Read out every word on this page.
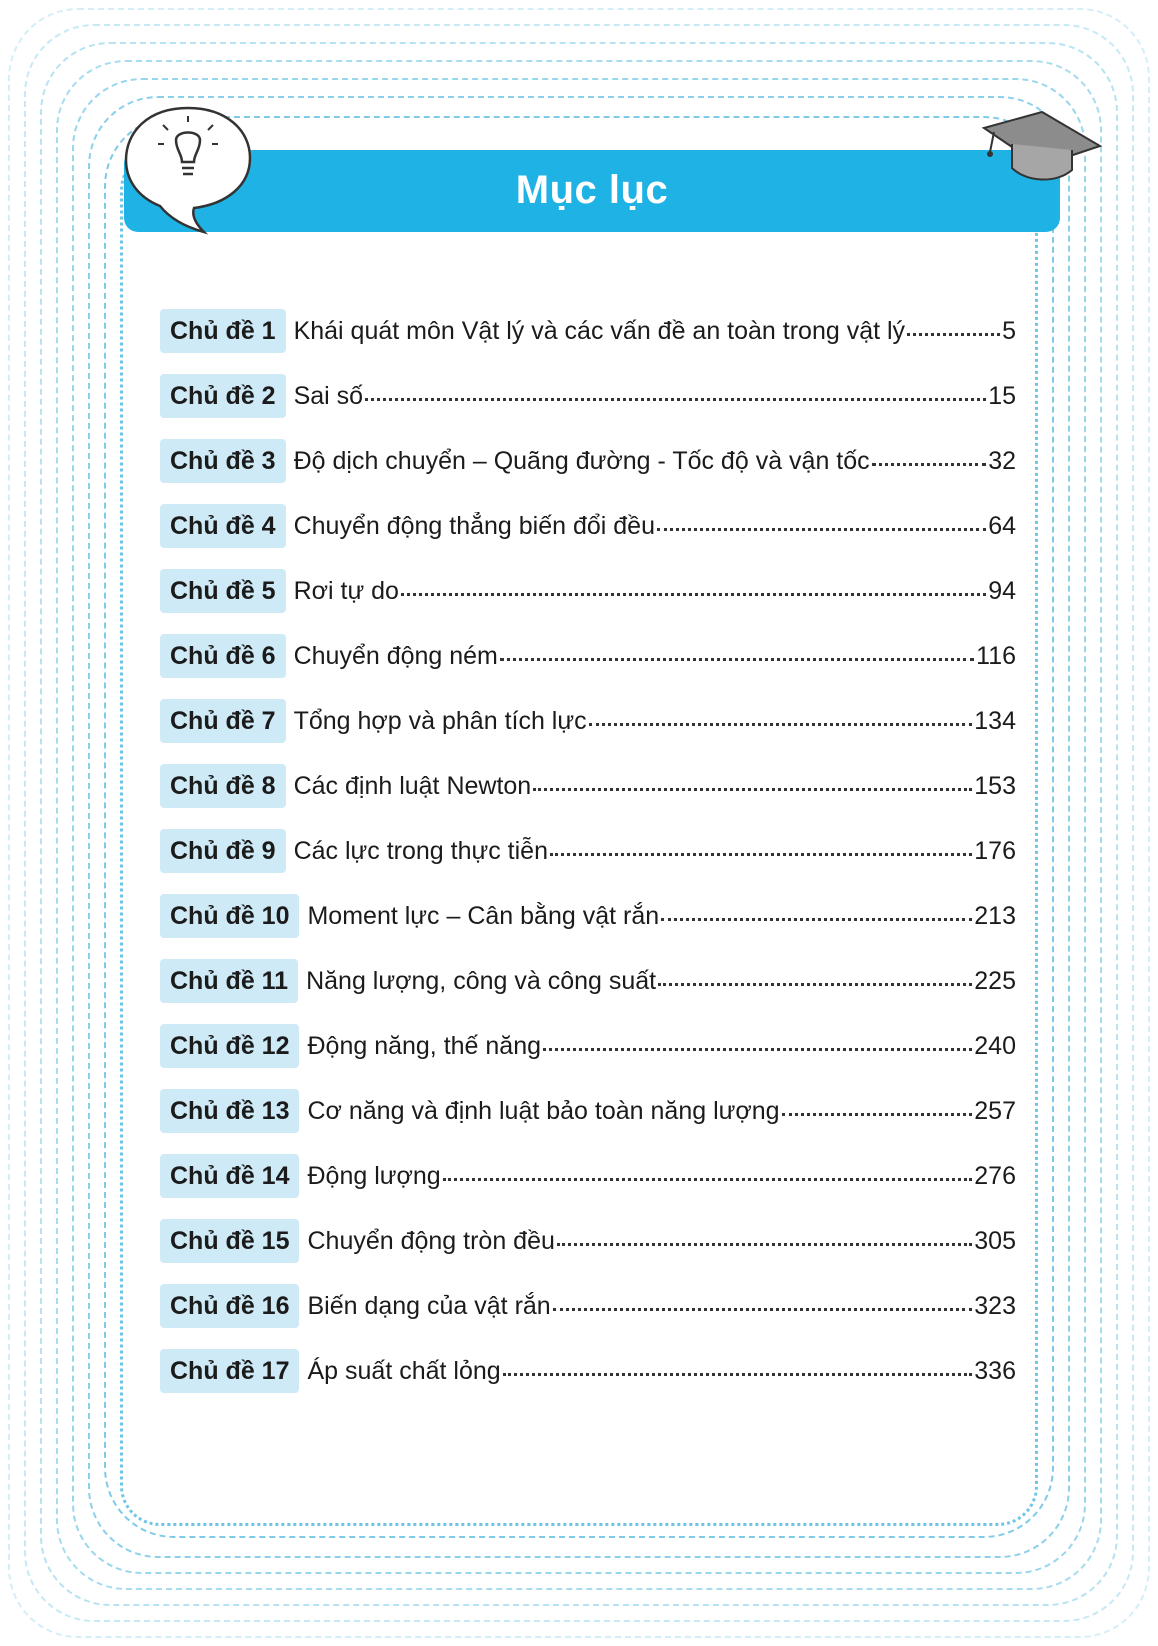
Mục lục
Chủ đề 1 Khái quát môn Vật lý và các vấn đề an toàn trong vật lý	5
Chủ đề 2 Sai số	15
Chủ đề 3 Độ dịch chuyển – Quãng đường - Tốc độ và vận tốc	32
Chủ đề 4 Chuyển động thẳng biến đổi đều	64
Chủ đề 5 Rơi tự do	94
Chủ đề 6 Chuyển động ném	116
Chủ đề 7 Tổng hợp và phân tích lực	134
Chủ đề 8 Các định luật Newton	153
Chủ đề 9 Các lực trong thực tiễn	176
Chủ đề 10 Moment lực – Cân bằng vật rắn	213
Chủ đề 11 Năng lượng, công và công suất	225
Chủ đề 12 Động năng, thế năng	240
Chủ đề 13 Cơ năng và định luật bảo toàn năng lượng	257
Chủ đề 14 Động lượng	276
Chủ đề 15 Chuyển động tròn đều	305
Chủ đề 16 Biến dạng của vật rắn	323
Chủ đề 17 Áp suất chất lỏng	336
